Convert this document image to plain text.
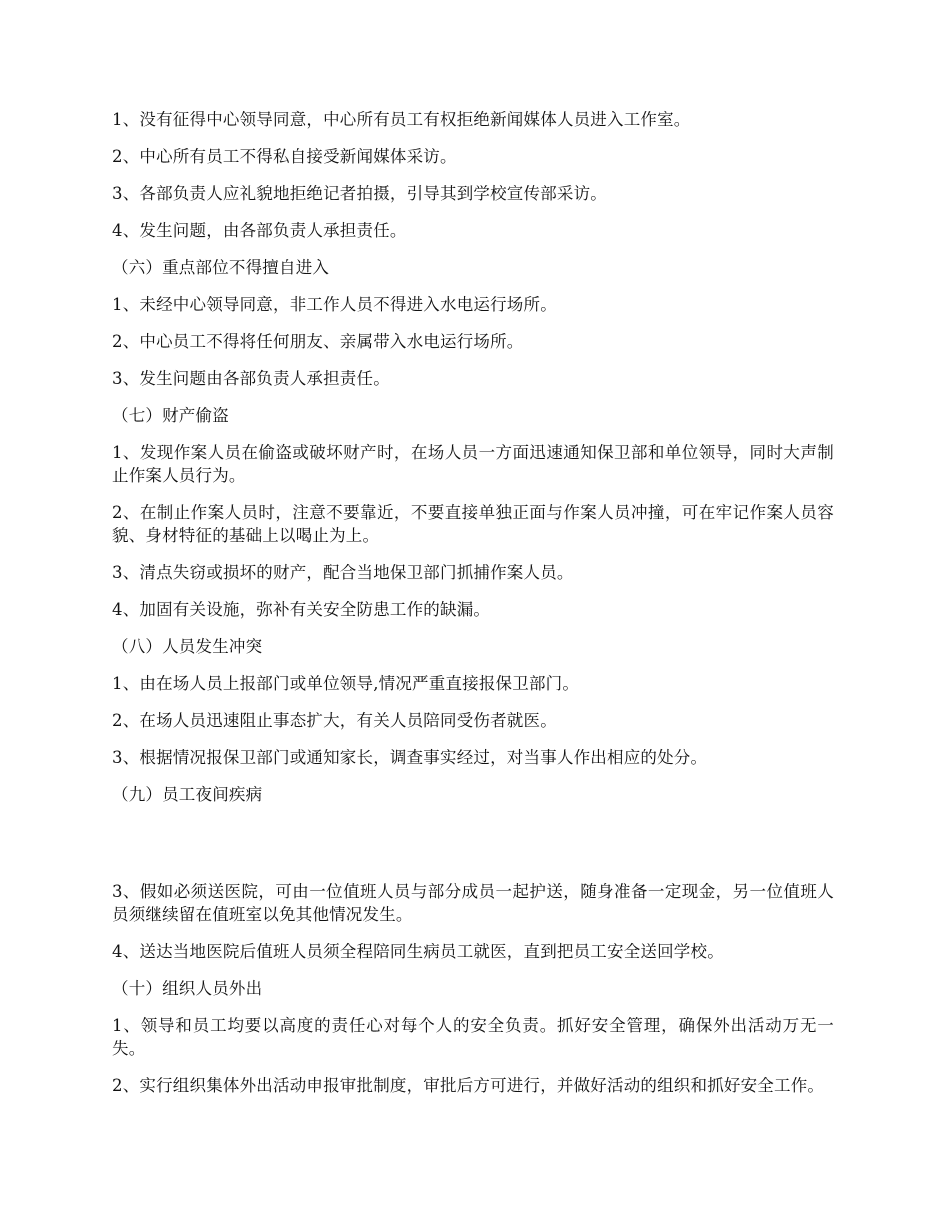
1、没有征得中心领导同意，中心所有员工有权拒绝新闻媒体人员进入工作室。

2、中心所有员工不得私自接受新闻媒体采访。

3、各部负责人应礼貌地拒绝记者拍摄，引导其到学校宣传部采访。

4、发生问题，由各部负责人承担责任。

（六）重点部位不得擅自进入

1、未经中心领导同意，非工作人员不得进入水电运行场所。

2、中心员工不得将任何朋友、亲属带入水电运行场所。

3、发生问题由各部负责人承担责任。

（七）财产偷盗

1、发现作案人员在偷盗或破坏财产时，在场人员一方面迅速通知保卫部和单位领导，同时大声制止作案人员行为。

2、在制止作案人员时，注意不要靠近，不要直接单独正面与作案人员冲撞，可在牢记作案人员容貌、身材特征的基础上以喝止为上。

3、清点失窃或损坏的财产，配合当地保卫部门抓捕作案人员。

4、加固有关设施，弥补有关安全防患工作的缺漏。

（八）人员发生冲突

1、由在场人员上报部门或单位领导,情况严重直接报保卫部门。

2、在场人员迅速阻止事态扩大，有关人员陪同受伤者就医。

3、根据情况报保卫部门或通知家长，调查事实经过，对当事人作出相应的处分。

（九）员工夜间疾病

3、假如必须送医院，可由一位值班人员与部分成员一起护送，随身准备一定现金，另一位值班人员须继续留在值班室以免其他情况发生。

4、送达当地医院后值班人员须全程陪同生病员工就医，直到把员工安全送回学校。

（十）组织人员外出

1、领导和员工均要以高度的责任心对每个人的安全负责。抓好安全管理，确保外出活动万无一失。

2、实行组织集体外出活动申报审批制度，审批后方可进行，并做好活动的组织和抓好安全工作。
